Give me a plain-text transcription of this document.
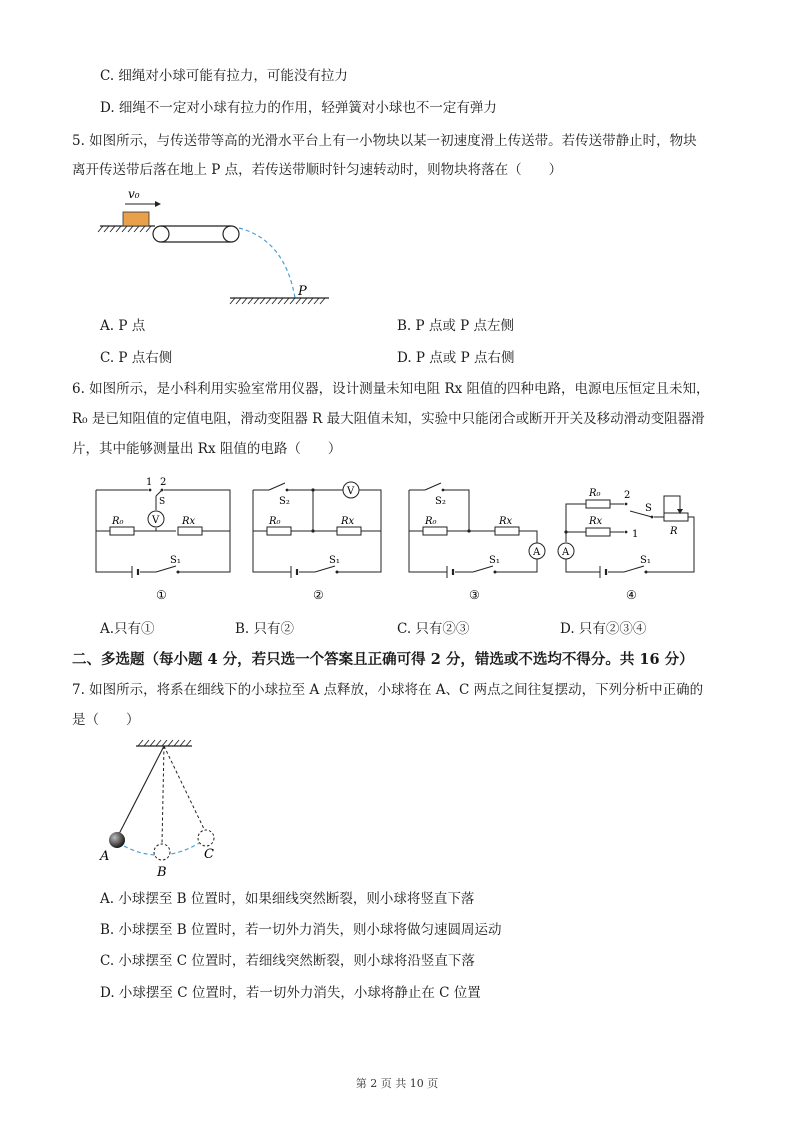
C. 细绳对小球可能有拉力，可能没有拉力
D. 细绳不一定对小球有拉力的作用，轻弹簧对小球也不一定有弹力
5. 如图所示，与传送带等高的光滑水平台上有一小物块以某一初速度滑上传送带。若传送带静止时，物块
离开传送带后落在地上 P 点，若传送带顺时针匀速转动时，则物块将落在（　　）
v₀
P
A. P 点	B. P 点或 P 点左侧
C. P 点右侧	D. P 点或 P 点右侧
6. 如图所示，是小科利用实验室常用仪器，设计测量未知电阻 Rx 阻值的四种电路，电源电压恒定且未知，
R₀ 是已知阻值的定值电阻，滑动变阻器 R 最大阻值未知，实验中只能闭合或断开开关及移动滑动变阻器滑
片，其中能够测量出 Rx 阻值的电路（　　）
V
1 2
S
R₀	Rx
S₁
①
V
S₂
R₀	Rx
S₁
②
A
S₂
R₀	Rx
S₁
③
A
R₀
Rx
2
1
S
R
S₁
④
A.只有①	B. 只有②	C. 只有②③	D. 只有②③④
二、多选题（每小题 4 分，若只选一个答案且正确可得 2 分，错选或不选均不得分。共 16 分）
7. 如图所示，将系在细线下的小球拉至 A 点释放，小球将在 A、C 两点之间往复摆动，下列分析中正确的
是（　　）
A
B
C
A. 小球摆至 B 位置时，如果细线突然断裂，则小球将竖直下落
B. 小球摆至 B 位置时，若一切外力消失，则小球将做匀速圆周运动
C. 小球摆至 C 位置时，若细线突然断裂，则小球将沿竖直下落
D. 小球摆至 C 位置时，若一切外力消失，小球将静止在 C 位置
第 2 页 共 10 页
